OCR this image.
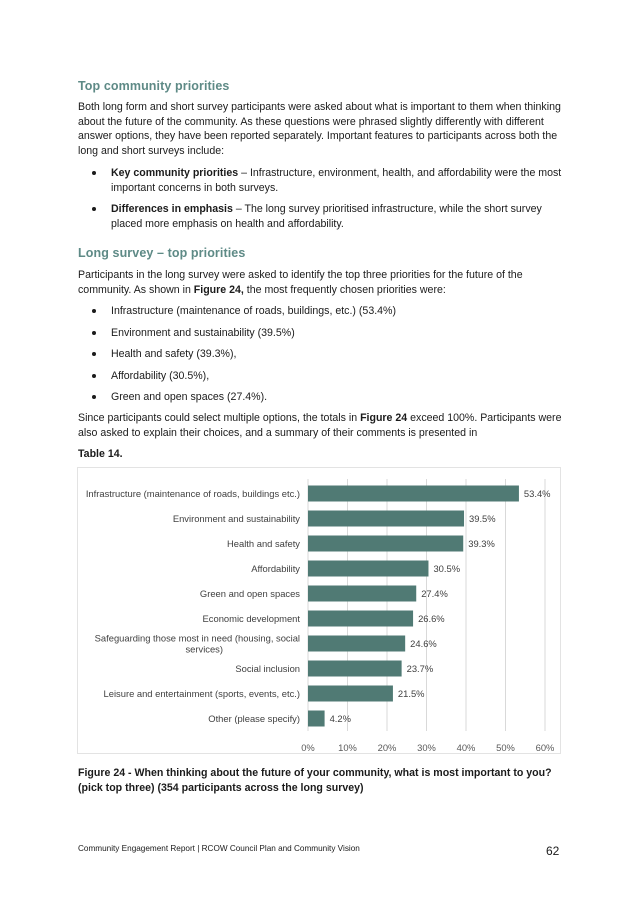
Top community priorities

Both long form and short survey participants were asked about what is important to them when thinking about the future of the community. As these questions were phrased slightly differently with different answer options, they have been reported separately. Important features to participants across both the long and short surveys include:

Key community priorities – Infrastructure, environment, health, and affordability were the most important concerns in both surveys.
Differences in emphasis – The long survey prioritised infrastructure, while the short survey placed more emphasis on health and affordability.
Long survey – top priorities

Participants in the long survey were asked to identify the top three priorities for the future of the community. As shown in Figure 24, the most frequently chosen priorities were:

Infrastructure (maintenance of roads, buildings, etc.) (53.4%)
Environment and sustainability (39.5%)
Health and safety (39.3%),
Affordability (30.5%),
Green and open spaces (27.4%).

Since participants could select multiple options, the totals in Figure 24 exceed 100%. Participants were also asked to explain their choices, and a summary of their comments is presented in

Table 14.

0% 10% 20% 30% 40% 50% 60%
53.4%
Infrastructure (maintenance of roads, buildings etc.)
39.5%
Environment and sustainability
39.3%
Health and safety
30.5%
Affordability
27.4%
Green and open spaces
26.6%
Economic development
24.6%
Safeguarding those most in need (housing, social services)
23.7%
Social inclusion
21.5%
Leisure and entertainment (sports, events, etc.)
4.2%
Other (please specify)

Figure 24 - When thinking about the future of your community, what is most important to you? (pick top three) (354 participants across the long survey)

Community Engagement Report | RCOW Council Plan and Community Vision	62
